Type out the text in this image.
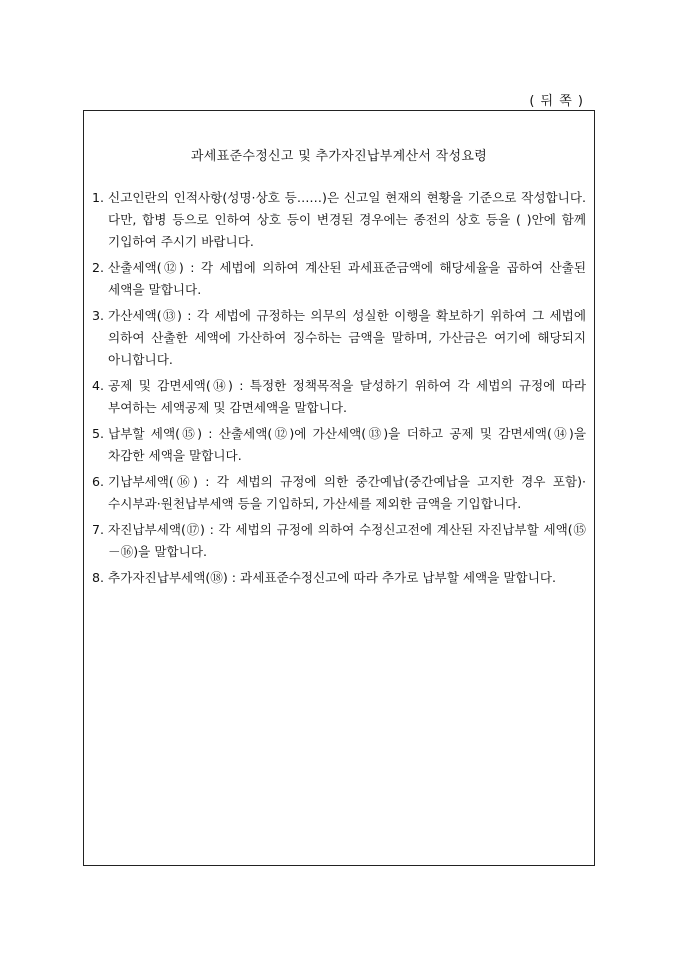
( 뒤 쪽 )
과세표준수정신고 및 추가자진납부계산서 작성요령
1.
신고인란의 인적사항(성명·상호 등……)은 신고일 현재의 현황을 기준으로 작성합니다. 다만, 합병 등으로 인하여 상호 등이 변경된 경우에는 종전의 상호 등을 ( )안에 함께 기입하여 주시기 바랍니다.
2.
산출세액(⑫) : 각 세법에 의하여 계산된 과세표준금액에 해당세율을 곱하여 산출된 세액을 말합니다.
3.
가산세액(⑬) : 각 세법에 규정하는 의무의 성실한 이행을 확보하기 위하여 그 세법에 의하여 산출한 세액에 가산하여 징수하는 금액을 말하며, 가산금은 여기에 해당되지 아니합니다.
4.
공제 및 감면세액(⑭) : 특정한 정책목적을 달성하기 위하여 각 세법의 규정에 따라 부여하는 세액공제 및 감면세액을 말합니다.
5.
납부할 세액(⑮) : 산출세액(⑫)에 가산세액(⑬)을 더하고 공제 및 감면세액(⑭)을 차감한 세액을 말합니다.
6.
기납부세액(⑯) : 각 세법의 규정에 의한 중간예납(중간예납을 고지한 경우 포함)·수시부과·원천납부세액 등을 기입하되, 가산세를 제외한 금액을 기입합니다.
7.
자진납부세액(⑰) : 각 세법의 규정에 의하여 수정신고전에 계산된 자진납부할 세액(⑮－⑯)을 말합니다.
8.
추가자진납부세액(⑱) : 과세표준수정신고에 따라 추가로 납부할 세액을 말합니다.
